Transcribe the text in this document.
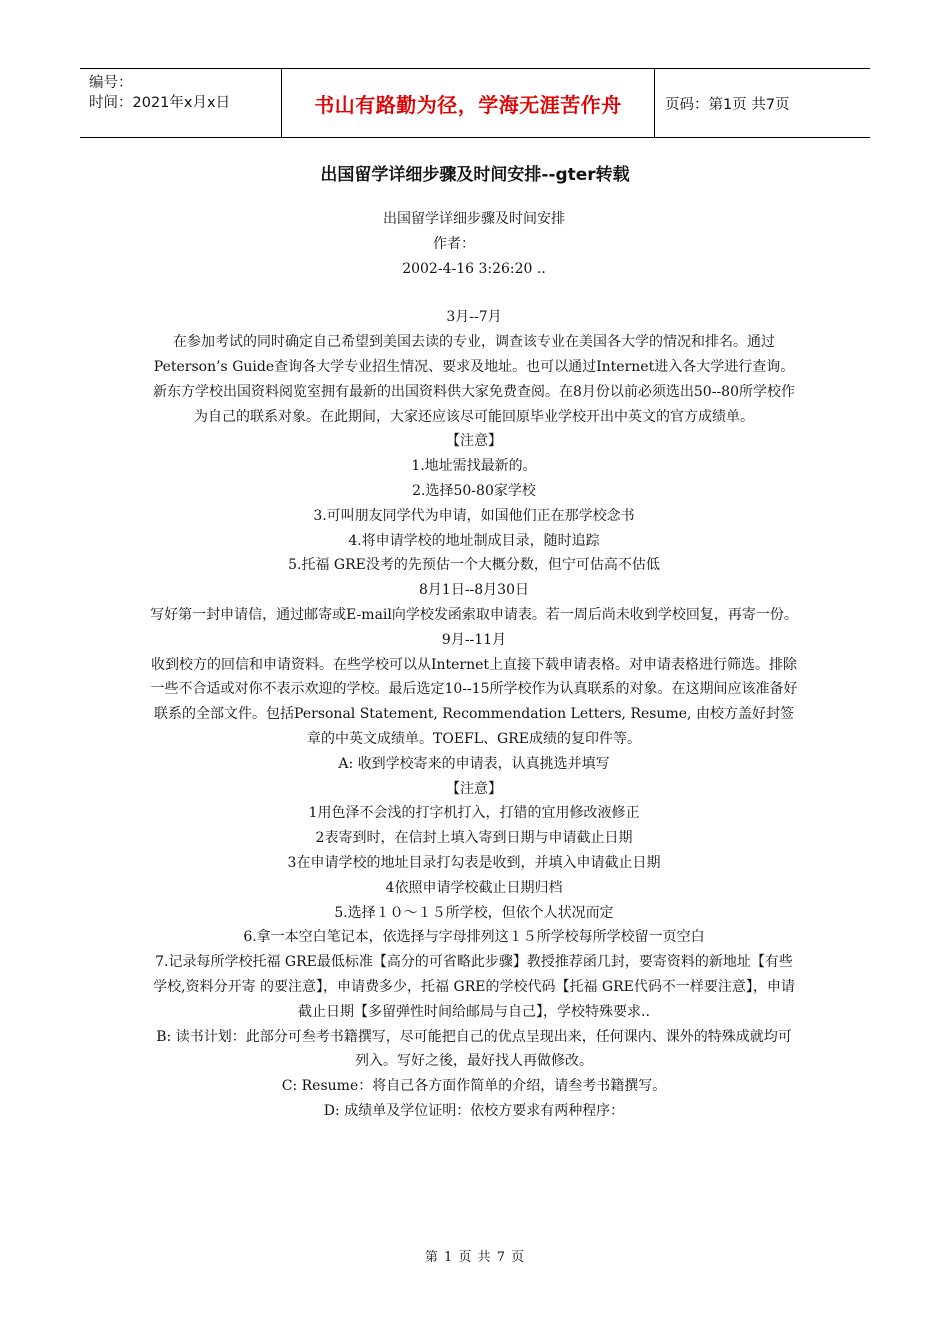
编号：
时间：2021年x月x日	书山有路勤为径，学海无涯苦作舟	页码：第1页 共7页
出国留学详细步骤及时间安排--gter转载

出国留学详细步骤及时间安排

作者：

2002-4-16 3:26:20 ..

3月--7月

在参加考试的同时确定自己希望到美国去读的专业，调查该专业在美国各大学的情况和排名。通过Peterson’s Guide查询各大学专业招生情况、要求及地址。也可以通过Internet进入各大学进行查询。新东方学校出国资料阅览室拥有最新的出国资料供大家免费查阅。在8月份以前必须选出50--80所学校作为自己的联系对象。在此期间，大家还应该尽可能回原毕业学校开出中英文的官方成绩单。

【注意】

1.地址需找最新的。

2.选择50-80家学校

3.可叫朋友同学代为申请，如国他们正在那学校念书

4.将申请学校的地址制成目录，随时追踪

5.托福 GRE没考的先预估一个大概分数，但宁可估高不估低

8月1日--8月30日

写好第一封申请信，通过邮寄或E-mail向学校发函索取申请表。若一周后尚未收到学校回复，再寄一份。

9月--11月

收到校方的回信和申请资料。在些学校可以从Internet上直接下载申请表格。对申请表格进行筛选。排除一些不合适或对你不表示欢迎的学校。最后选定10--15所学校作为认真联系的对象。在这期间应该准备好联系的全部文件。包括Personal Statement, Recommendation Letters, Resume, 由校方盖好封签章的中英文成绩单。TOEFL、GRE成绩的复印件等。

A: 收到学校寄来的申请表，认真挑选并填写

【注意】

1用色泽不会浅的打字机打入，打错的宜用修改液修正

2表寄到时，在信封上填入寄到日期与申请截止日期

3在申请学校的地址目录打勾表是收到，并填入申请截止日期

4依照申请学校截止日期归档

5.选择１０～１５所学校，但依个人状况而定

6.拿一本空白笔记本，依选择与字母排列这１５所学校每所学校留一页空白

7.记录每所学校托福 GRE最低标准【高分的可省略此步骤】教授推荐函几封，要寄资料的新地址【有些学校,资料分开寄 的要注意】，申请费多少，托福 GRE的学校代码【托福 GRE代码不一样要注意】，申请截止日期【多留弹性时间给邮局与自己】，学校特殊要求..

B: 读书计划：此部分可叁考书籍撰写，尽可能把自己的优点呈现出来，任何课内、课外的特殊成就均可列入。写好之後，最好找人再做修改。

C: Resume：将自己各方面作简单的介绍，请叁考书籍撰写。

D: 成绩单及学位证明：依校方要求有两种程序：

第 1 页 共 7 页
